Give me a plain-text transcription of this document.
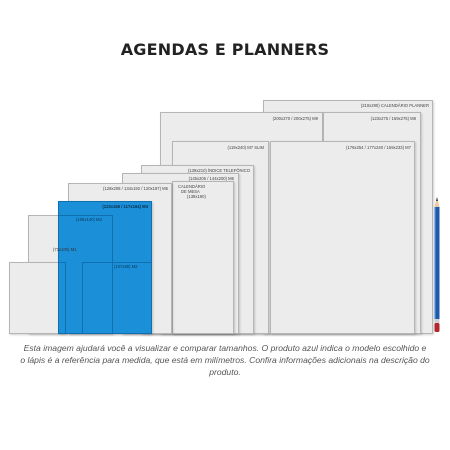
AGENDAS E PLANNERS
(210x290) CALENDÁRIO PLANNER
(200x270 / 200x275) M9	(123x275 / 159x275) M8
(119x240) M7 SLIM	(176x254 / 177x240 / 159x233) M7
(139x210) ÍNDICE TELEFÔNICO
(145x205 / 144x200) M6
CALENDÁRIO
DE MESA
(138x190)
(128x208 / 134x192 / 120x187) M5
(123x166 / 117x164) M4
(105x140) M3
(71x100) M1
(107x89) M2
Esta imagem ajudará você a visualizar e comparar tamanhos. O produto azul indica o modelo escolhido e
o lápis é a referência para medida, que está em milímetros. Confira informações adicionais na descrição do produto.
